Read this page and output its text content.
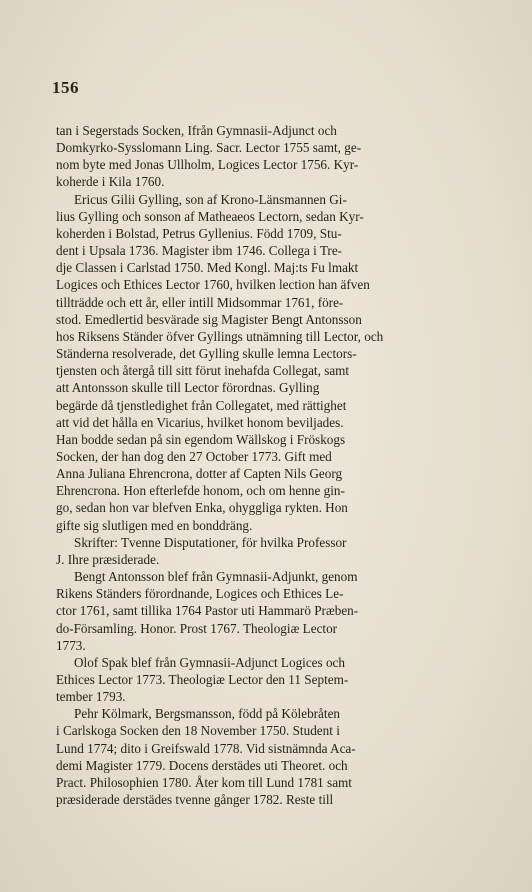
156
tan i Segerstads Socken, Ifrån Gymnasii-Adjunct och
Domkyrko-Sysslomann Ling. Sacr. Lector 1755 samt, ge-
nom byte med Jonas Ullholm, Logices Lector 1756. Kyr-
koherde i Kila 1760.
Ericus Gilii Gylling, son af Krono-Länsmannen Gi-
lius Gylling och sonson af Matheaeos Lectorn, sedan Kyr-
koherden i Bolstad, Petrus Gyllenius. Född 1709, Stu-
dent i Upsala 1736. Magister ibm 1746. Collega i Tre-
dje Classen i Carlstad 1750. Med Kongl. Maj:ts Fu lmakt
Logices och Ethices Lector 1760, hvilken lection han äfven
tillträdde och ett år, eller intill Midsommar 1761, före-
stod. Emedlertid besvärade sig Magister Bengt Antonsson
hos Riksens Ständer öfver Gyllings utnämning till Lector, och
Ständerna resolverade, det Gylling skulle lemna Lectors-
tjensten och återgå till sitt förut inehafda Collegat, samt
att Antonsson skulle till Lector förordnas. Gylling
begärde då tjenstledighet från Collegatet, med rättighet
att vid det hålla en Vicarius, hvilket honom beviljades.
Han bodde sedan på sin egendom Wällskog i Fröskogs
Socken, der han dog den 27 October 1773. Gift med
Anna Juliana Ehrencrona, dotter af Capten Nils Georg
Ehrencrona. Hon efterlefde honom, och om henne gin-
go, sedan hon var blefven Enka, ohyggliga rykten. Hon
gifte sig slutligen med en bonddräng.
Skrifter: Tvenne Disputationer, för hvilka Professor
J. Ihre præsiderade.
Bengt Antonsson blef från Gymnasii-Adjunkt, genom
Rikens Ständers förordnande, Logices och Ethices Le-
ctor 1761, samt tillika 1764 Pastor uti Hammarö Præben-
do-Församling. Honor. Prost 1767. Theologiæ Lector
1773.
Olof Spak blef från Gymnasii-Adjunct Logices och
Ethices Lector 1773. Theologiæ Lector den 11 Septem-
tember 1793.
Pehr Kölmark, Bergsmansson, född på Kölebråten
i Carlskoga Socken den 18 November 1750. Student i
Lund 1774; dito i Greifswald 1778. Vid sistnämnda Aca-
demi Magister 1779. Docens derstädes uti Theoret. och
Pract. Philosophien 1780. Åter kom till Lund 1781 samt
præsiderade derstädes tvenne gånger 1782. Reste till
